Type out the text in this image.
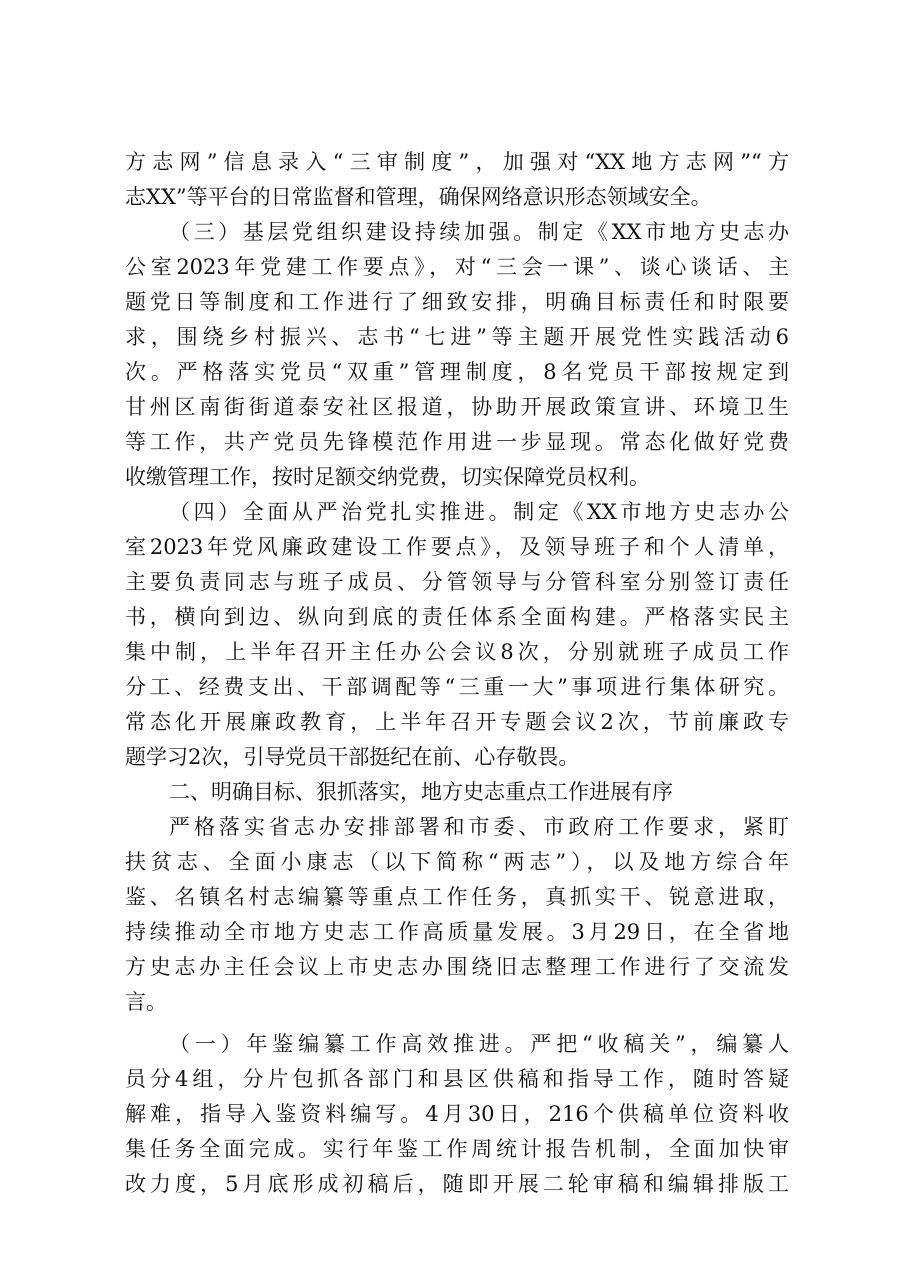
方志网”信息录入“三审制度”，加强对“XX地方志网”“方
志XX”等平台的日常监督和管理，确保网络意识形态领域安全。
（三）基层党组织建设持续加强。制定《XX市地方史志办
公室2023年党建工作要点》，对“三会一课”、谈心谈话、主
题党日等制度和工作进行了细致安排，明确目标责任和时限要
求，围绕乡村振兴、志书“七进”等主题开展党性实践活动6
次。严格落实党员“双重”管理制度，8名党员干部按规定到
甘州区南街街道泰安社区报道，协助开展政策宣讲、环境卫生
等工作，共产党员先锋模范作用进一步显现。常态化做好党费
收缴管理工作，按时足额交纳党费，切实保障党员权利。
（四）全面从严治党扎实推进。制定《XX市地方史志办公
室2023年党风廉政建设工作要点》，及领导班子和个人清单，
主要负责同志与班子成员、分管领导与分管科室分别签订责任
书，横向到边、纵向到底的责任体系全面构建。严格落实民主
集中制，上半年召开主任办公会议8次，分别就班子成员工作
分工、经费支出、干部调配等“三重一大”事项进行集体研究。
常态化开展廉政教育，上半年召开专题会议2次，节前廉政专
题学习2次，引导党员干部挺纪在前、心存敬畏。
二、明确目标、狠抓落实，地方史志重点工作进展有序
严格落实省志办安排部署和市委、市政府工作要求，紧盯
扶贫志、全面小康志（以下简称“两志”），以及地方综合年
鉴、名镇名村志编纂等重点工作任务，真抓实干、锐意进取，
持续推动全市地方史志工作高质量发展。3月29日，在全省地
方史志办主任会议上市史志办围绕旧志整理工作进行了交流发
言。
（一）年鉴编纂工作高效推进。严把“收稿关”，编纂人
员分4组，分片包抓各部门和县区供稿和指导工作，随时答疑
解难，指导入鉴资料编写。4月30日，216个供稿单位资料收
集任务全面完成。实行年鉴工作周统计报告机制，全面加快审
改力度，5月底形成初稿后，随即开展二轮审稿和编辑排版工
